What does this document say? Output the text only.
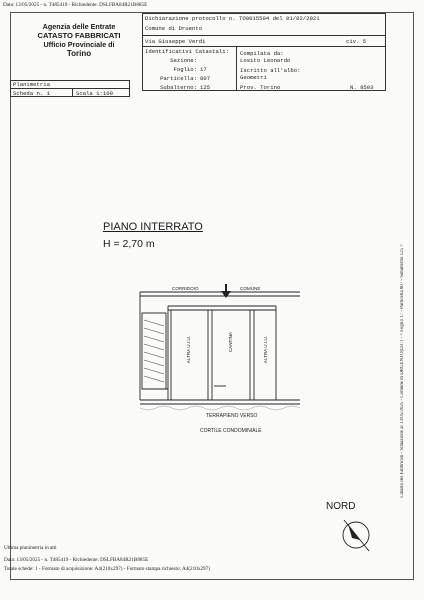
Data: 13/05/2025 - n. T485419 - Richiedente: DSLFBA84R21B885E
Agenzia delle Entrate
CATASTO FABBRICATI
Ufficio Provinciale di
Torino
Dichiarazione protocollo n. TO0015504 del 01/02/2021
Comune di Druento
Via Giuseppe Verdi	civ. 5
Identificativi Catastali:
Sezione:
Foglio: 17
Particella: 807
Subalterno: 125
Compilata da:
Losito Leonardo
Iscritto all'albo:
Geometri
Prov. Torino	N. 8503
Planimetria
Scheda n. 1	Scala 1:100
PIANO INTERRATO
H = 2,70 m
CORRIDOIO	COMUNE
ALTRA U.I.U.	CANTINA	ALTRA U.I.U.
TERRAPIENO VERSO
CORTILE CONDOMINIALE
NORD
Catasto dei Fabbricati - Situazione al 13/05/2025 - Comune di DRUENTO(D37) - < Foglio 17 - Particella 807 - Subalterno 125 >
Ultima planimetria in atti
Data: 13/05/2025 - n. T485419 - Richiedente: DSLFBA84R21B885E
Totale schede: 1 - Formato di acquisizione: A4(210x297) - Formato stampa richiesto: A4(210x297)
